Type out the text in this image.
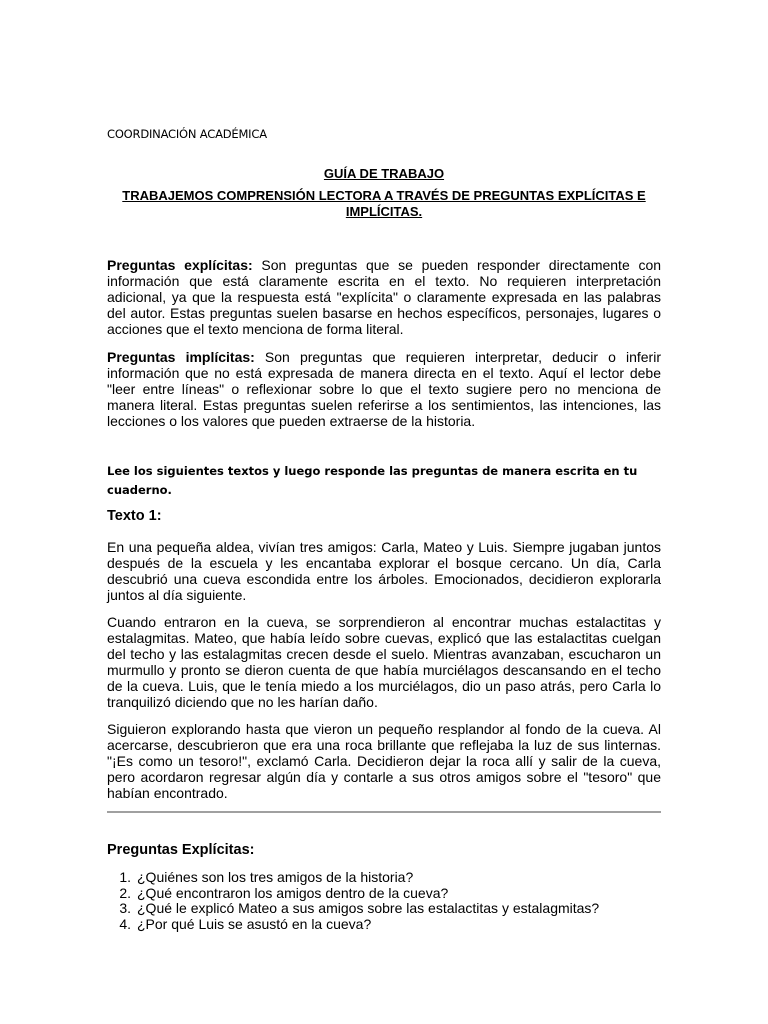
COORDINACIÓN ACADÉMICA
GUÍA DE TRABAJO
TRABAJEMOS COMPRENSIÓN LECTORA A TRAVÉS DE PREGUNTAS EXPLÍCITAS E IMPLÍCITAS.

Preguntas explícitas: Son preguntas que se pueden responder directamente con información que está claramente escrita en el texto. No requieren interpretación adicional, ya que la respuesta está "explícita" o claramente expresada en las palabras del autor. Estas preguntas suelen basarse en hechos específicos, personajes, lugares o acciones que el texto menciona de forma literal.

Preguntas implícitas: Son preguntas que requieren interpretar, deducir o inferir información que no está expresada de manera directa en el texto. Aquí el lector debe "leer entre líneas" o reflexionar sobre lo que el texto sugiere pero no menciona de manera literal. Estas preguntas suelen referirse a los sentimientos, las intenciones, las lecciones o los valores que pueden extraerse de la historia.

Lee los siguientes textos y luego responde las preguntas de manera escrita en tu cuaderno.
Texto 1:

En una pequeña aldea, vivían tres amigos: Carla, Mateo y Luis. Siempre jugaban juntos después de la escuela y les encantaba explorar el bosque cercano. Un día, Carla descubrió una cueva escondida entre los árboles. Emocionados, decidieron explorarla juntos al día siguiente.

Cuando entraron en la cueva, se sorprendieron al encontrar muchas estalactitas y estalagmitas. Mateo, que había leído sobre cuevas, explicó que las estalactitas cuelgan del techo y las estalagmitas crecen desde el suelo. Mientras avanzaban, escucharon un murmullo y pronto se dieron cuenta de que había murciélagos descansando en el techo de la cueva. Luis, que le tenía miedo a los murciélagos, dio un paso atrás, pero Carla lo tranquilizó diciendo que no les harían daño.

Siguieron explorando hasta que vieron un pequeño resplandor al fondo de la cueva. Al acercarse, descubrieron que era una roca brillante que reflejaba la luz de sus linternas. "¡Es como un tesoro!", exclamó Carla. Decidieron dejar la roca allí y salir de la cueva, pero acordaron regresar algún día y contarle a sus otros amigos sobre el "tesoro" que habían encontrado.

Preguntas Explícitas:
1. ¿Quiénes son los tres amigos de la historia?
2. ¿Qué encontraron los amigos dentro de la cueva?
3. ¿Qué le explicó Mateo a sus amigos sobre las estalactitas y estalagmitas?
4. ¿Por qué Luis se asustó en la cueva?
